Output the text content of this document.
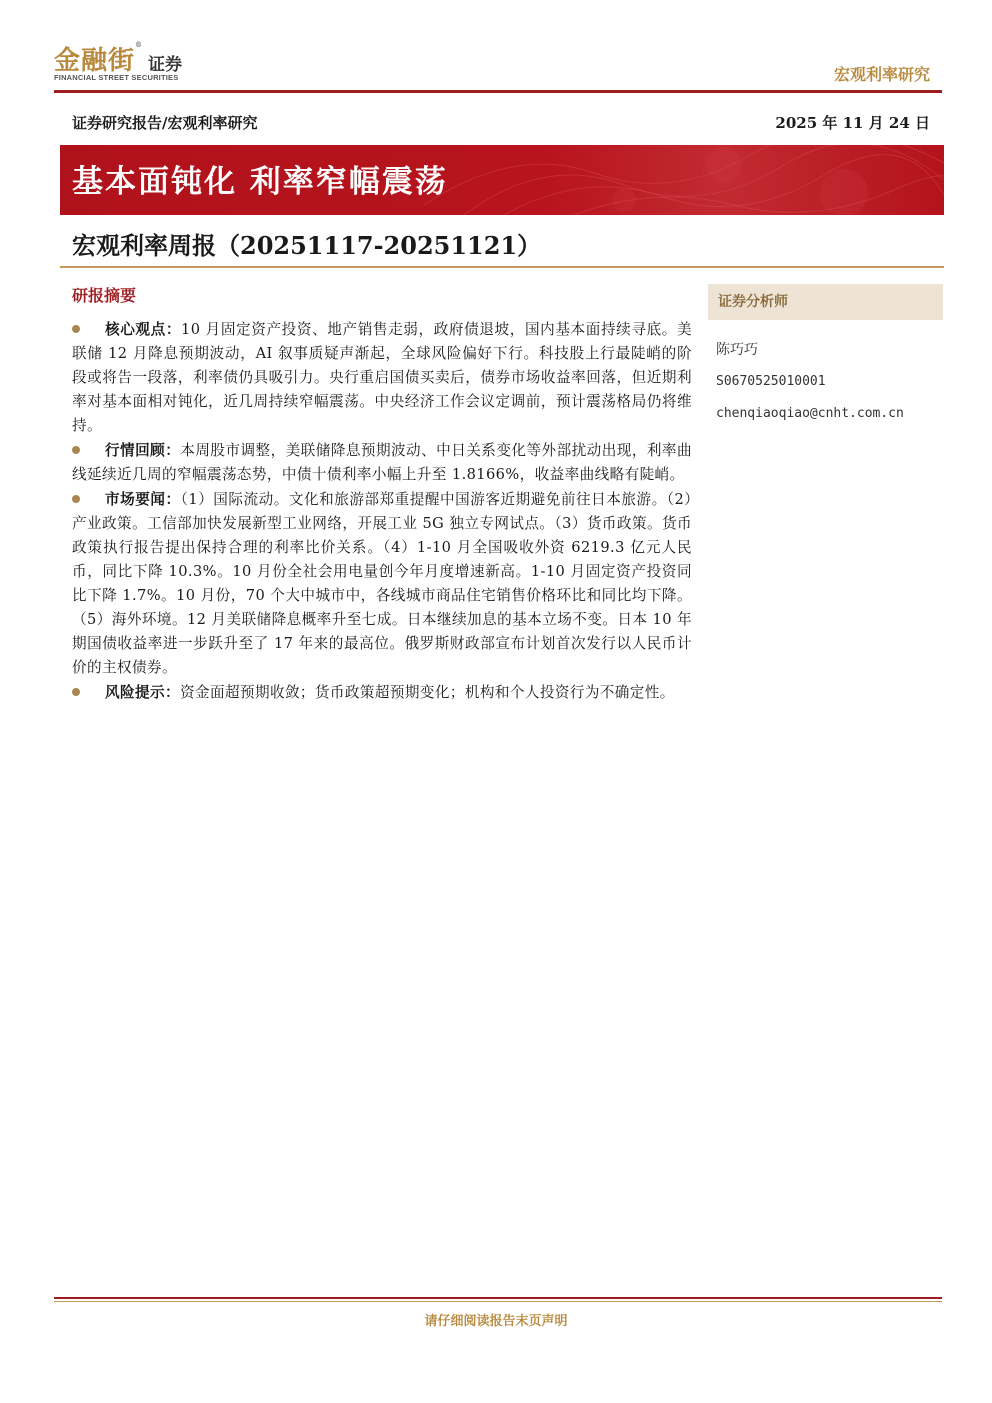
金融街®
证券
FINANCIAL STREET SECURITIES	宏观利率研究
证券研究报告/宏观利率研究	2025 年 11 月 24 日
基本面钝化 利率窄幅震荡
宏观利率周报（20251117-20251121）
研报摘要

核心观点：10 月固定资产投资、地产销售走弱，政府债退坡，国内基本面持续寻底。美联储 12 月降息预期波动，AI 叙事质疑声渐起，全球风险偏好下行。科技股上行最陡峭的阶段或将告一段落，利率债仍具吸引力。央行重启国债买卖后，债券市场收益率回落，但近期利率对基本面相对钝化，近几周持续窄幅震荡。中央经济工作会议定调前，预计震荡格局仍将维持。

行情回顾：本周股市调整，美联储降息预期波动、中日关系变化等外部扰动出现，利率曲线延续近几周的窄幅震荡态势，中债十债利率小幅上升至 1.8166%，收益率曲线略有陡峭。

市场要闻：（1）国际流动。文化和旅游部郑重提醒中国游客近期避免前往日本旅游。（2）产业政策。工信部加快发展新型工业网络，开展工业 5G 独立专网试点。（3）货币政策。货币政策执行报告提出保持合理的利率比价关系。（4）1-10 月全国吸收外资 6219.3 亿元人民币，同比下降 10.3%。10 月份全社会用电量创今年月度增速新高。1-10 月固定资产投资同比下降 1.7%。10 月份，70 个大中城市中，各线城市商品住宅销售价格环比和同比均下降。（5）海外环境。12 月美联储降息概率升至七成。日本继续加息的基本立场不变。日本 10 年期国债收益率进一步跃升至了 17 年来的最高位。俄罗斯财政部宣布计划首次发行以人民币计价的主权债券。

风险提示：资金面超预期收敛；货币政策超预期变化；机构和个人投资行为不确定性。

证券分析师
陈巧巧
S0670525010001
chenqiaoqiao@cnht.com.cn
请仔细阅读报告末页声明
